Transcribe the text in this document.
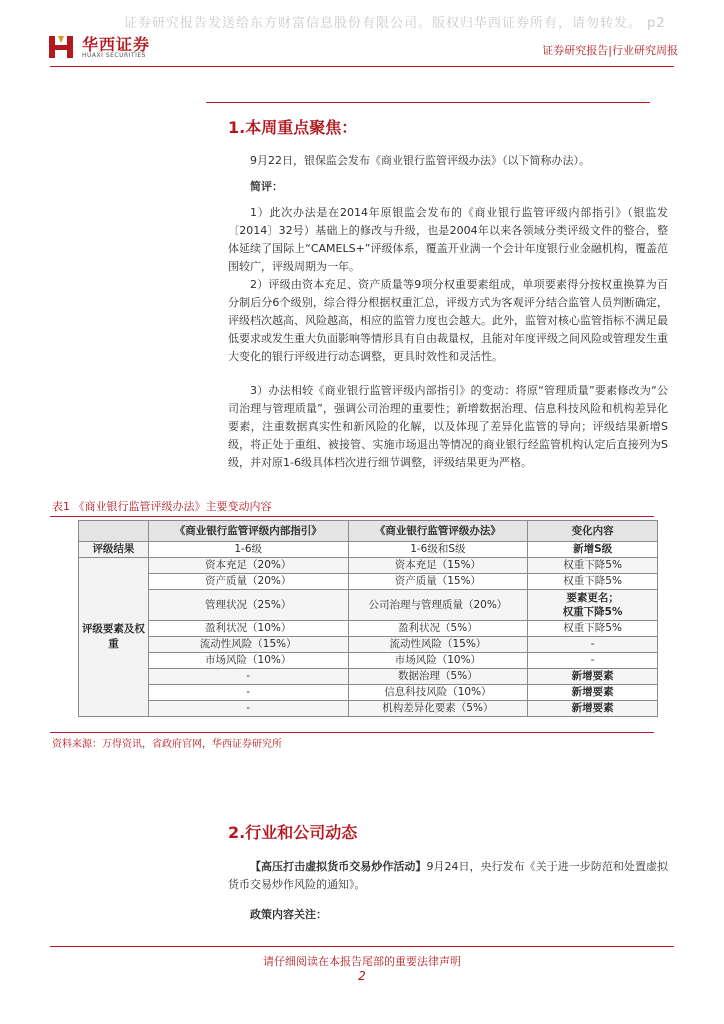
证券研究报告发送给东方财富信息股份有限公司。版权归华西证券所有，请勿转发。 p2
华西证券
HUAXI SECURITIES	证券研究报告|行业研究周报
1.本周重点聚焦：

9月22日，银保监会发布《商业银行监管评级办法》（以下简称办法）。

简评：

1）此次办法是在2014年原银监会发布的《商业银行监管评级内部指引》（银监发〔2014〕32号）基础上的修改与升级，也是2004年以来各领域分类评级文件的整合，整体延续了国际上“CAMELS+”评级体系，覆盖开业满一个会计年度银行业金融机构，覆盖范围较广，评级周期为一年。

2）评级由资本充足、资产质量等9项分权重要素组成，单项要素得分按权重换算为百分制后分6个级别，综合得分根据权重汇总，评级方式为客观评分结合监管人员判断确定，评级档次越高、风险越高，相应的监管力度也会越大。此外，监管对核心监管指标不满足最低要求或发生重大负面影响等情形具有自由裁量权，且能对年度评级之间风险或管理发生重大变化的银行评级进行动态调整，更具时效性和灵活性。

3）办法相较《商业银行监管评级内部指引》的变动：将原“管理质量”要素修改为“公司治理与管理质量”，强调公司治理的重要性；新增数据治理、信息科技风险和机构差异化要素，注重数据真实性和新风险的化解，以及体现了差异化监管的导向；评级结果新增S级，将正处于重组、被接管、实施市场退出等情况的商业银行经监管机构认定后直接列为S级，并对原1-6级具体档次进行细节调整，评级结果更为严格。

表1 《商业银行监管评级办法》主要变动内容
	《商业银行监管评级内部指引》	《商业银行监管评级办法》	变化内容
评级结果	1-6级	1-6级和S级	新增S级
评级要素及权重	资本充足（20%）	资本充足（15%）	权重下降5%
	资产质量（20%）	资产质量（15%）	权重下降5%
	管理状况（25%）	公司治理与管理质量（20%）	要素更名；
权重下降5%
	盈利状况（10%）	盈利状况（5%）	权重下降5%
	流动性风险（15%）	流动性风险（15%）	-
	市场风险（10%）	市场风险（10%）	-
	-	数据治理（5%）	新增要素
	-	信息科技风险（10%）	新增要素
	-	机构差异化要素（5%）	新增要素
资料来源：万得资讯，省政府官网，华西证券研究所
2.行业和公司动态

【高压打击虚拟货币交易炒作活动】9月24日，央行发布《关于进一步防范和处置虚拟货币交易炒作风险的通知》。

政策内容关注：

请仔细阅读在本报告尾部的重要法律声明
2
